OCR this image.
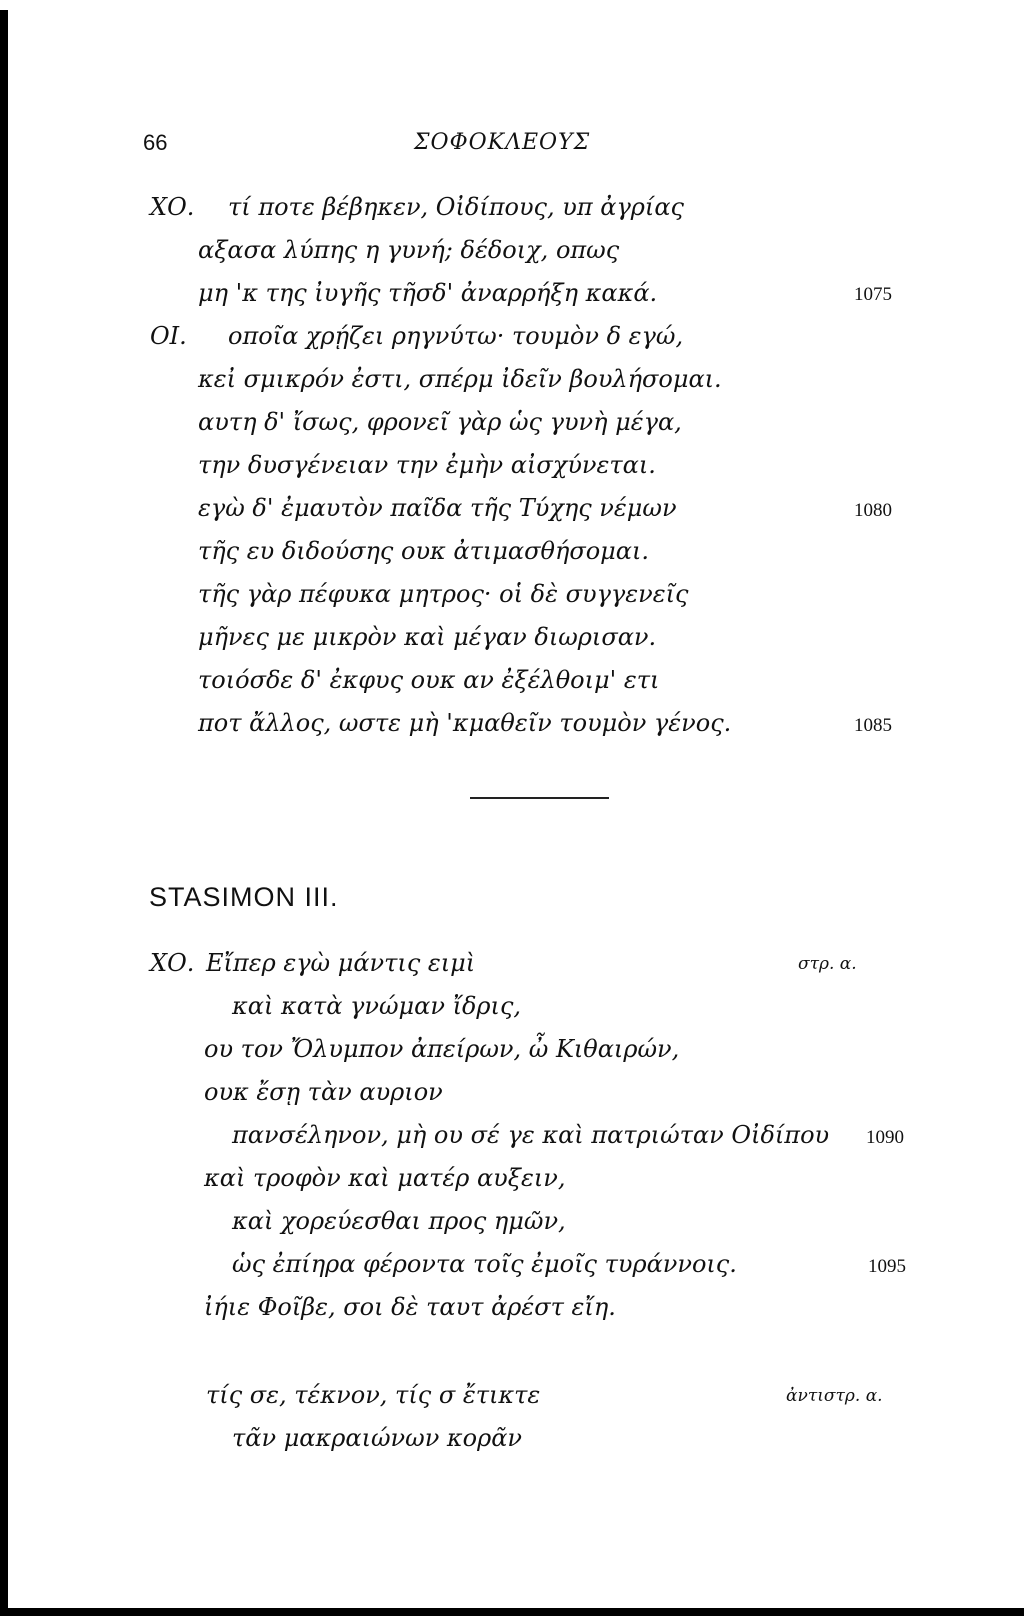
66	ΣΟΦΟΚΛΕΟΥΣ
ΧΟ. τί ποτε βέβηκεν, Οἰδίπους, υπ ἀγρίας
αξασα λύπης η γυνή; δέδοιχ, οπως
μη 'κ της ἰυγῆς τῆσδ' ἀναρρήξη κακά.	1075
ΟΙ. οποῖα χρῄζει ρηγνύτω· τουμὸν δ εγώ,
κεἰ σμικρόν ἐστι, σπέρμ ἰδεῖν βουλήσομαι.
αυτη δ' ἴσως, φρονεῖ γὰρ ὡς γυνὴ μέγα,
την δυσγένειαν την ἐμὴν αἰσχύνεται.
εγὼ δ' ἐμαυτὸν παῖδα τῆς Τύχης νέμων	1080
τῆς ευ διδούσης ουκ ἀτιμασθήσομαι.
τῆς γὰρ πέφυκα μητρος· οἱ δὲ συγγενεῖς
μῆνες με μικρὸν καὶ μέγαν διωρισαν.
τοιόσδε δ' ἐκφυς ουκ αν ἐξέλθοιμ' ετι
ποτ ἄλλος, ωστε μὴ 'κμαθεῖν τουμὸν γένος.	1085
STASIMON III.
ΧΟ. Εἴπερ εγὼ μάντις ειμὶ	στρ. α.
καὶ κατὰ γνώμαν ἴδρις,
ου τον Ὄλυμπον ἀπείρων, ὦ Κιθαιρών,
ουκ ἔσῃ τὰν αυριον
πανσέληνον, μὴ ου σέ γε καὶ πατριώταν Οἰδίπου 1090
καὶ τροφὸν καὶ ματέρ αυξειν,
καὶ χορεύεσθαι προς ημῶν,
ὡς ἐπίηρα φέροντα τοῖς ἐμοῖς τυράννοις.	1095
ἰήιε Φοῖβε, σοι δὲ ταυτ ἀρέστ εἴη.
τίς σε, τέκνον, τίς σ ἔτικτε	ἀντιστρ. α.
τᾶν μακραιώνων κορᾶν
